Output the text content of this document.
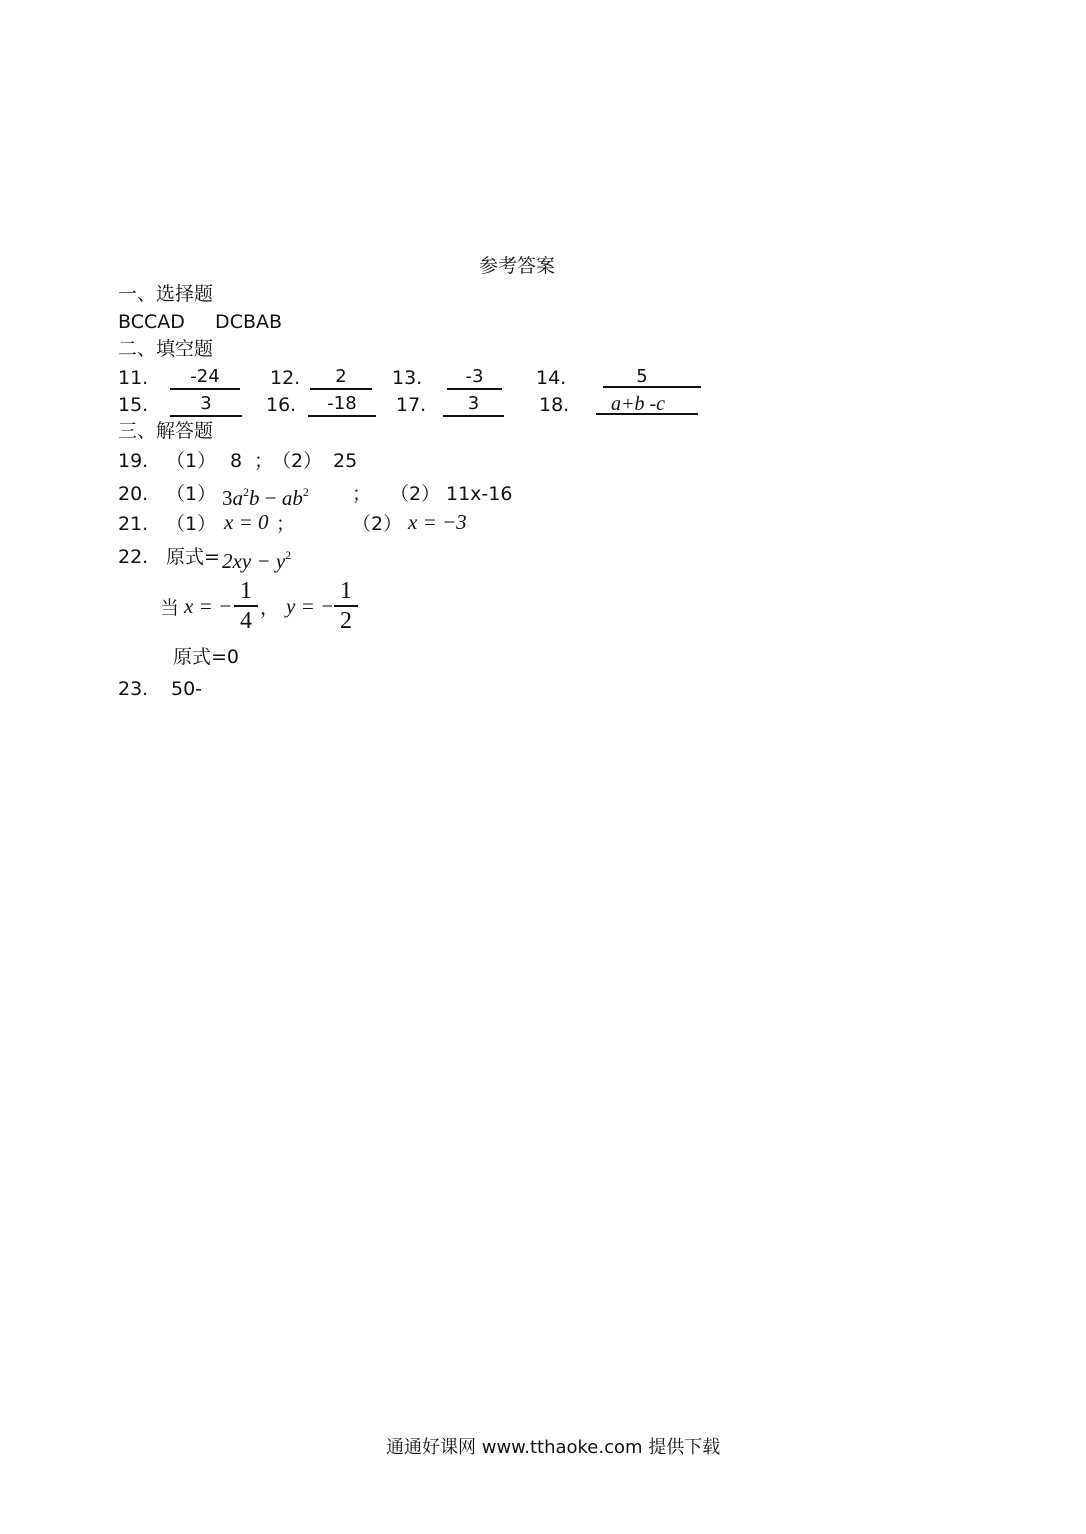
参考答案
一、选择题
BCCAD     DCBAB
二、填空题
11.	-24	12.	2	13.	-3	14.	5
15.	3	16.	-18	17.	3	18.	a+b -c
三、解答题
19. （1） 8 ；
（2） 25
20. （1） $3a^2b - ab^2$ ； （2） 11x-16
21. （1） x = 0 ；	（2） x = −3
22. 原式= $2xy - y^2$
当 x = −
1
4 ， y = −
1
2
原式=0
23. 50-
通通好课网 www.tthaoke.com 提供下载
